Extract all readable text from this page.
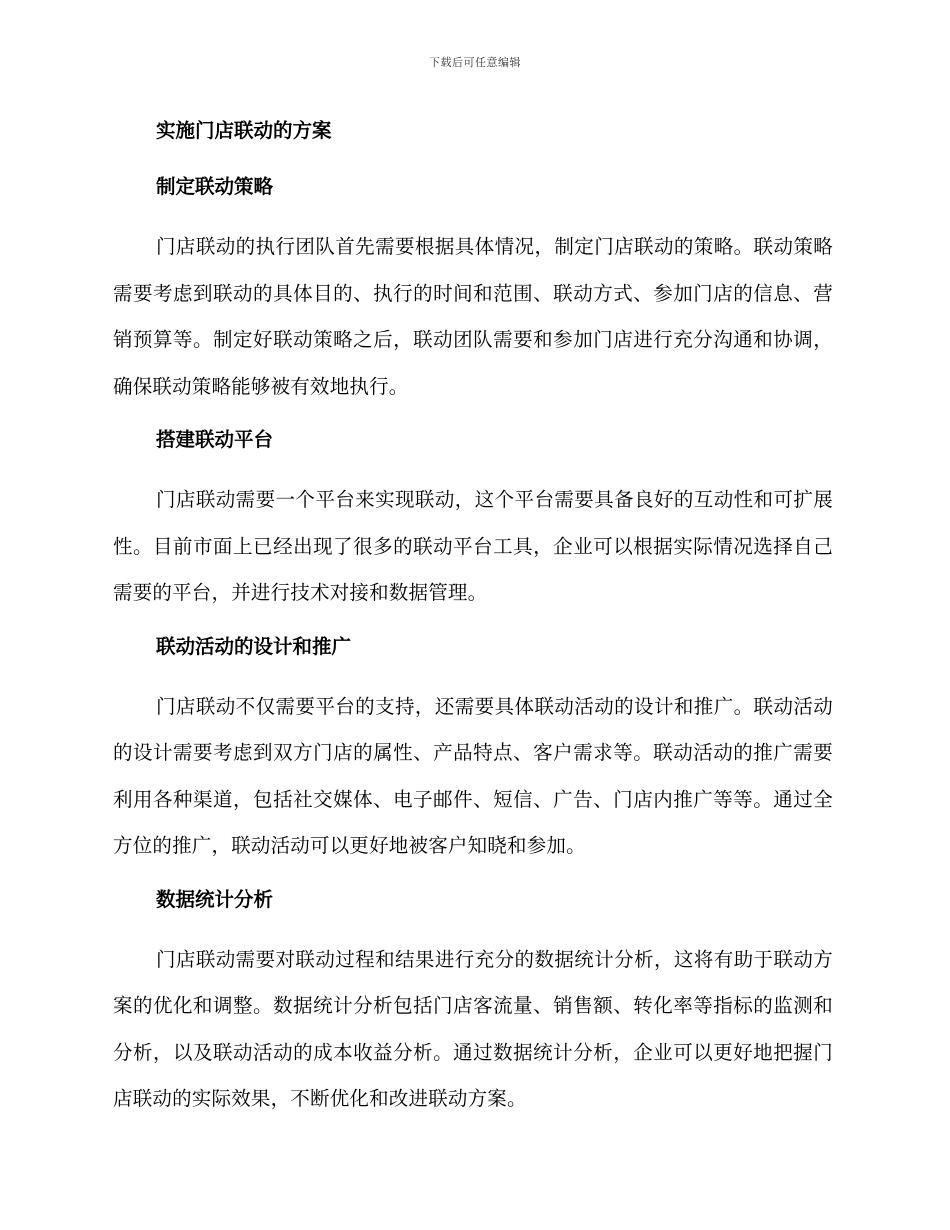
下载后可任意编辑
实施门店联动的方案
制定联动策略

门店联动的执行团队首先需要根据具体情况，制定门店联动的策略。联动策略需要考虑到联动的具体目的、执行的时间和范围、联动方式、参加门店的信息、营销预算等。制定好联动策略之后，联动团队需要和参加门店进行充分沟通和协调，确保联动策略能够被有效地执行。

搭建联动平台

门店联动需要一个平台来实现联动，这个平台需要具备良好的互动性和可扩展性。目前市面上已经出现了很多的联动平台工具，企业可以根据实际情况选择自己需要的平台，并进行技术对接和数据管理。

联动活动的设计和推广

门店联动不仅需要平台的支持，还需要具体联动活动的设计和推广。联动活动的设计需要考虑到双方门店的属性、产品特点、客户需求等。联动活动的推广需要利用各种渠道，包括社交媒体、电子邮件、短信、广告、门店内推广等等。通过全方位的推广，联动活动可以更好地被客户知晓和参加。

数据统计分析

门店联动需要对联动过程和结果进行充分的数据统计分析，这将有助于联动方案的优化和调整。数据统计分析包括门店客流量、销售额、转化率等指标的监测和分析，以及联动活动的成本收益分析。通过数据统计分析，企业可以更好地把握门店联动的实际效果，不断优化和改进联动方案。
